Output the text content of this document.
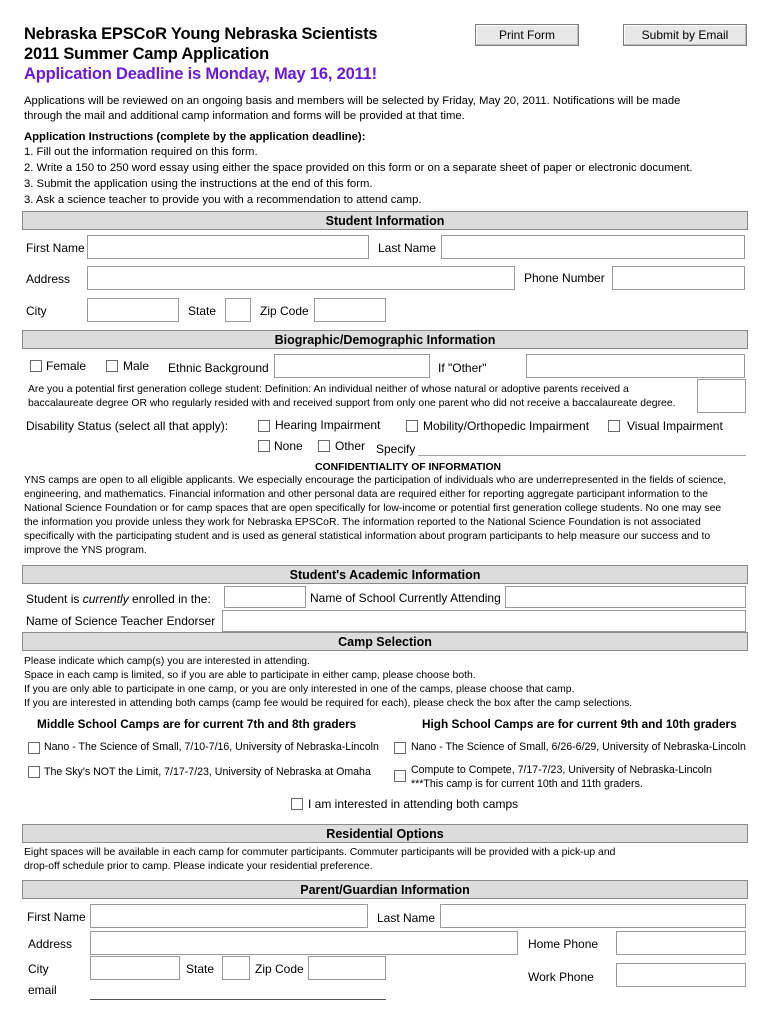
Nebraska EPSCoR Young Nebraska Scientists
2011 Summer Camp Application
Application Deadline is Monday, May 16, 2011!
Print Form	Submit by Email
Applications will be reviewed on an ongoing basis and members will be selected by Friday, May 20, 2011. Notifications will be made
through the mail and additional camp information and forms will be provided at that time.
Application Instructions (complete by the application deadline):
1. Fill out the information required on this form.
2. Write a 150 to 250 word essay using either the space provided on this form or on a separate sheet of paper or electronic document.
3. Submit the application using the instructions at the end of this form.
3. Ask a science teacher to provide you with a recommendation to attend camp.
Student Information
First Name	Last Name
Address	Phone Number
City	State	Zip Code
Biographic/Demographic Information
Female	Male Ethnic Background	If "Other"
Are you a potential first generation college student: Definition: An individual neither of whose natural or adoptive parents received a
baccalaureate degree OR who regularly resided with and received support from only one parent who did not receive a baccalaureate degree.
Disability Status (select all that apply):	Hearing Impairment	Mobility/Orthopedic Impairment	Visual Impairment
None	Other Specify
CONFIDENTIALITY OF INFORMATION
YNS camps are open to all eligible applicants. We especially encourage the participation of individuals who are underrepresented in the fields of science,
engineering, and mathematics. Financial information and other personal data are required either for reporting aggregate participant information to the
National Science Foundation or for camp spaces that are open specifically for low-income or potential first generation college students. No one may see
the information you provide unless they work for Nebraska EPSCoR. The information reported to the National Science Foundation is not associated
specifically with the participating student and is used as general statistical information about program participants to help measure our success and to
improve the YNS program.
Student's Academic Information
Student is currently enrolled in the:	Name of School Currently Attending
Name of Science Teacher Endorser
Camp Selection
Please indicate which camp(s) you are interested in attending.
Space in each camp is limited, so if you are able to participate in either camp, please choose both.
If you are only able to participate in one camp, or you are only interested in one of the camps, please choose that camp.
If you are interested in attending both camps (camp fee would be required for each), please check the box after the camp selections.
Middle School Camps are for current 7th and 8th graders	High School Camps are for current 9th and 10th graders
Nano - The Science of Small, 7/10-7/16, University of Nebraska-Lincoln	Nano - The Science of Small, 6/26-6/29, University of Nebraska-Lincoln
The Sky's NOT the Limit, 7/17-7/23, University of Nebraska at Omaha	Compute to Compete, 7/17-7/23, University of Nebraska-Lincoln
***This camp is for current 10th and 11th graders.
I am interested in attending both camps
Residential Options
Eight spaces will be available in each camp for commuter participants. Commuter participants will be provided with a pick-up and
drop-off schedule prior to camp. Please indicate your residential preference.
Parent/Guardian Information
First Name	Last Name
Address	Home Phone
City	State	Zip Code
Work Phone
email
